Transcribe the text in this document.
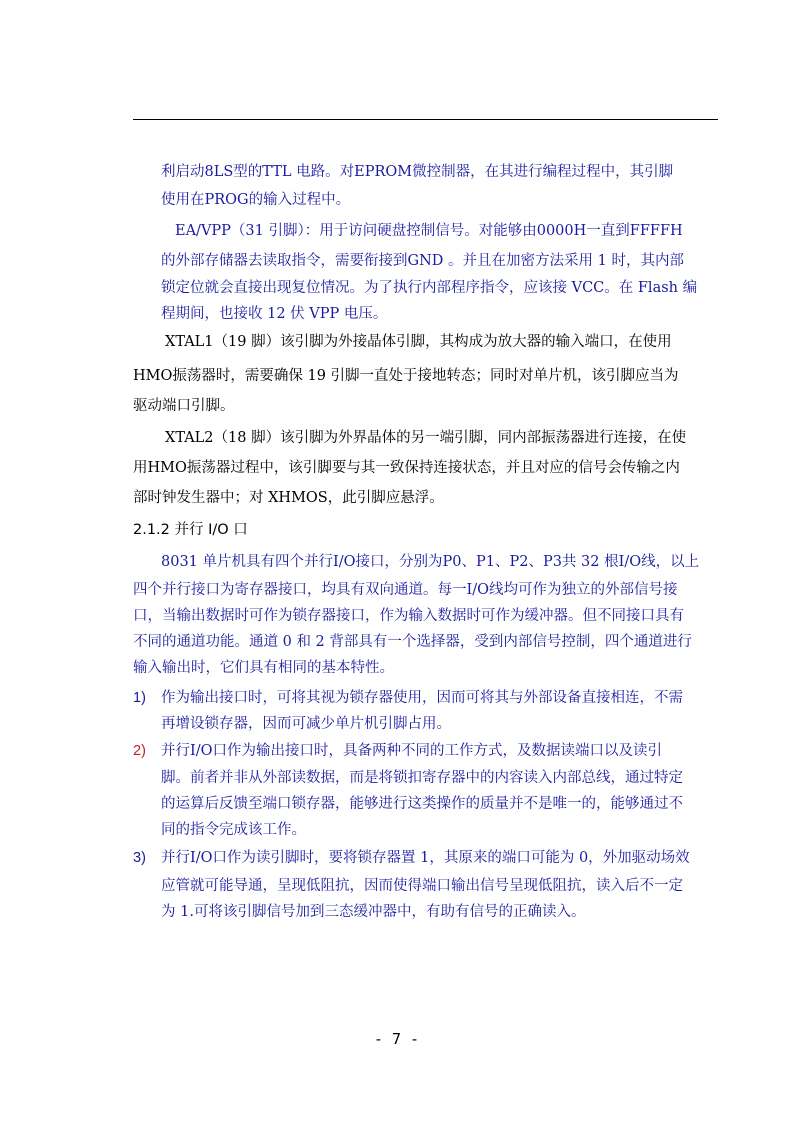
利启动8LS型的TTL 电路。对EPROM微控制器，在其进行编程过程中，其引脚
使用在PROG的输入过程中。
EA/VPP（31 引脚）：用于访问硬盘控制信号。对能够由0000H一直到FFFFH
的外部存储器去读取指令，需要衔接到GND 。并且在加密方法采用 1 时，其内部
锁定位就会直接出现复位情况。为了执行内部程序指令，应该接 VCC。在 Flash 编
程期间，也接收 12 伏 VPP 电压。
XTAL1（19 脚）该引脚为外接晶体引脚，其构成为放大器的输入端口，在使用
HMO振荡器时，需要确保 19 引脚一直处于接地转态；同时对单片机，该引脚应当为
驱动端口引脚。
XTAL2（18 脚）该引脚为外界晶体的另一端引脚，同内部振荡器进行连接，在使
用HMO振荡器过程中，该引脚要与其一致保持连接状态，并且对应的信号会传输之内
部时钟发生器中；对 XHMOS，此引脚应悬浮。
2.1.2 并行 I/O 口
8031 单片机具有四个并行I/O接口，分别为P0、P1、P2、P3共 32 根I/O线，以上
四个并行接口为寄存器接口，均具有双向通道。每一I/O线均可作为独立的外部信号接
口，当输出数据时可作为锁存器接口，作为输入数据时可作为缓冲器。但不同接口具有
不同的通道功能。通道 0 和 2 背部具有一个选择器，受到内部信号控制，四个通道进行
输入输出时，它们具有相同的基本特性。
1) 作为输出接口时，可将其视为锁存器使用，因而可将其与外部设备直接相连，不需
再增设锁存器，因而可减少单片机引脚占用。
2) 并行I/O口作为输出接口时，具备两种不同的工作方式，及数据读端口以及读引
脚。前者并非从外部读数据，而是将锁扣寄存器中的内容读入内部总线，通过特定
的运算后反馈至端口锁存器，能够进行这类操作的质量并不是唯一的，能够通过不
同的指令完成该工作。
3) 并行I/O口作为读引脚时，要将锁存器置 1，其原来的端口可能为 0，外加驱动场效
应管就可能导通，呈现低阻抗，因而使得端口输出信号呈现低阻抗，读入后不一定
为 1.可将该引脚信号加到三态缓冲器中，有助有信号的正确读入。
- 7 -
